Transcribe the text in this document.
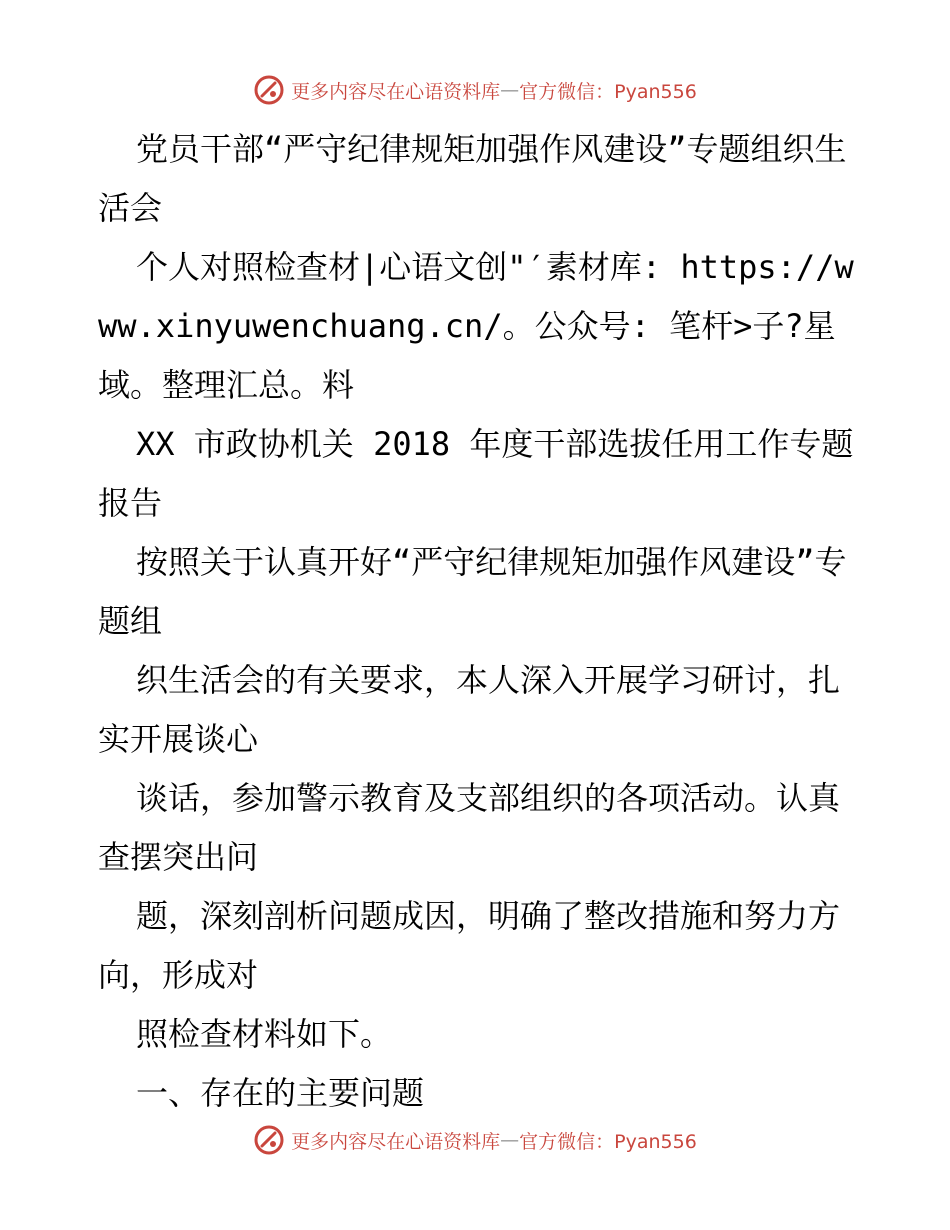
更多内容尽在心语资料库 — 官方微信：Pyan556

党员干部“严守纪律规矩加强作风建设”专题组织生活会

个人对照检查材|心语文创"′素材库: https://www.xinyuwenchuang.cn/。公众号: 笔杆>子?星域。整理汇总。料

XX 市政协机关 2018 年度干部选拔任用工作专题报告

按照关于认真开好“严守纪律规矩加强作风建设”专题组

织生活会的有关要求，本人深入开展学习研讨，扎实开展谈心

谈话，参加警示教育及支部组织的各项活动。认真查摆突出问

题，深刻剖析问题成因，明确了整改措施和努力方向，形成对

照检查材料如下。

一、存在的主要问题

更多内容尽在心语资料库 — 官方微信：Pyan556
